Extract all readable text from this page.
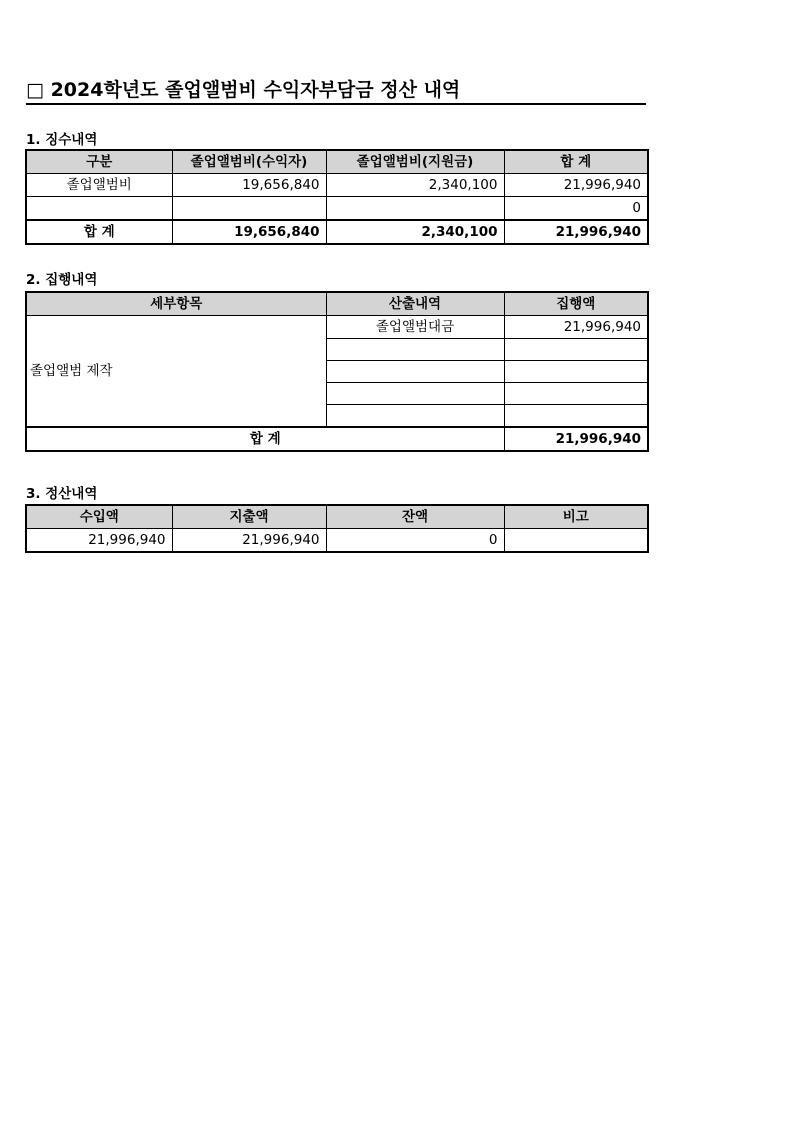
□ 2024학년도 졸업앨범비 수익자부담금 정산 내역
1. 징수내역
구분	졸업앨범비(수익자)	졸업앨범비(지원금)	합 계
졸업앨범비	19,656,840	2,340,100	21,996,940
			0
합 계	19,656,840	2,340,100	21,996,940
2. 집행내역
세부항목	산출내역	집행액
졸업앨범 제작	졸업앨범대금	21,996,940

합 계		21,996,940
3. 정산내역
수입액	지출액	잔액	비고
21,996,940	21,996,940	0	
